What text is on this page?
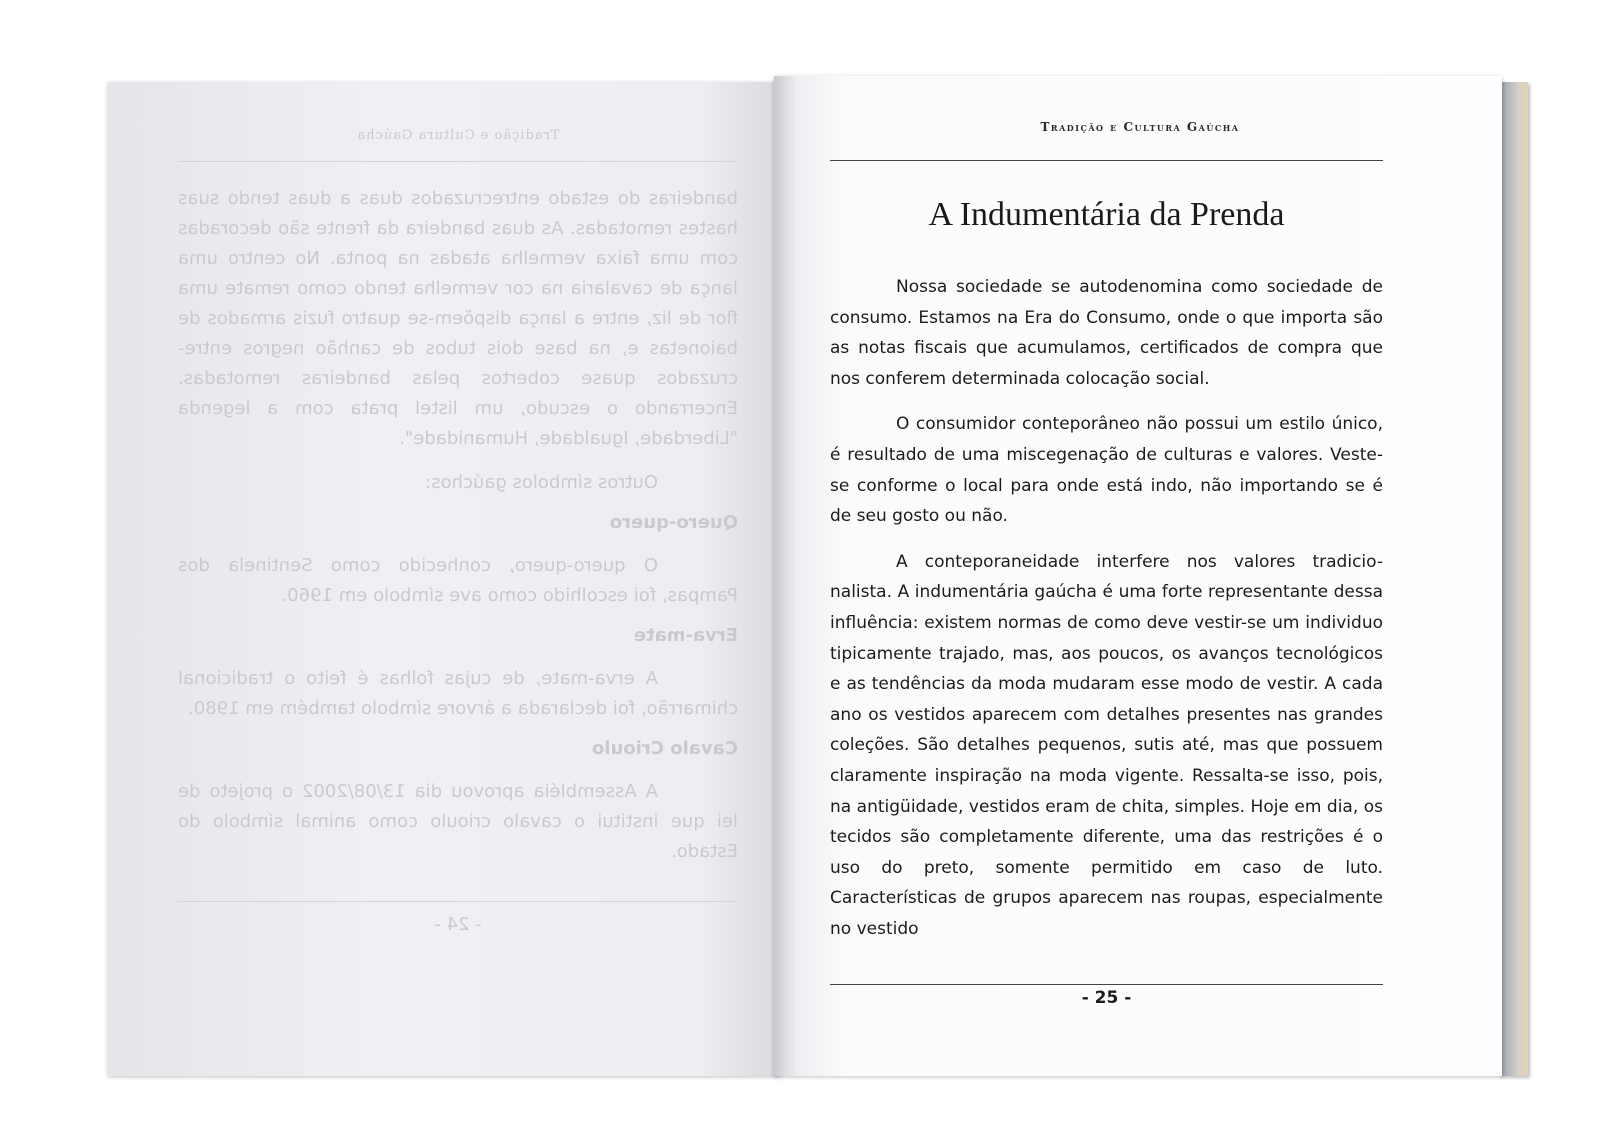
Tradição e Cultura Gaúcha

bandeiras do estado entrecruzados duas a duas tendo suas hastes remotadas. As duas bandeira da frente são decoradas com uma faixa vermelha atadas na ponta. No centro uma lança de cavalaria na cor vermelha tendo como remate uma flor de liz, entre a lança dispõem-se quatro fuzis armados de baionetas e, na base dois tubos de canhão negros entre-cruzados quase cobertos pelas bandeiras remotadas. Encerrando o escudo, um listel prata com a legenda "Liberdade, Igualdade, Humanidade".

Outros símbolos gaúchos:

Quero-quero

O quero-quero, conhecido como Sentinela dos Pampas, foi escolhido como ave símbolo em 1960.

Erva-mate

A erva-mate, de cujas folhas é feito o tradicional chimarrão, foi declarada a árvore símbolo também em 1980.

Cavalo Crioulo

A Assembléia aprovou dia 13/08/2002 o projeto de lei que institui o cavalo crioulo como animal símbolo do Estado.

- 24 -
Tradição e Cultura Gaúcha
A Indumentária da Prenda

Nossa sociedade se autodenomina como sociedade de consumo. Estamos na Era do Consumo, onde o que importa são as notas fiscais que acumulamos, certificados de compra que nos conferem determinada colocação social.

O consumidor conteporâneo não possui um estilo único, é resultado de uma miscegenação de culturas e valores. Veste-se conforme o local para onde está indo, não importando se é de seu gosto ou não.

A conteporaneidade interfere nos valores tradicio-nalista. A indumentária gaúcha é uma forte representante dessa influência: existem normas de como deve vestir-se um individuo tipicamente trajado, mas, aos poucos, os avanços tecnológicos e as tendências da moda mudaram esse modo de vestir. A cada ano os vestidos aparecem com detalhes presentes nas grandes coleções. São detalhes pequenos, sutis até, mas que possuem claramente inspiração na moda vigente. Ressalta-se isso, pois, na antigüidade, vestidos eram de chita, simples. Hoje em dia, os tecidos são completamente diferente, uma das restrições é o uso do preto, somente permitido em caso de luto. Características de grupos aparecem nas roupas, especialmente no vestido

- 25 -
